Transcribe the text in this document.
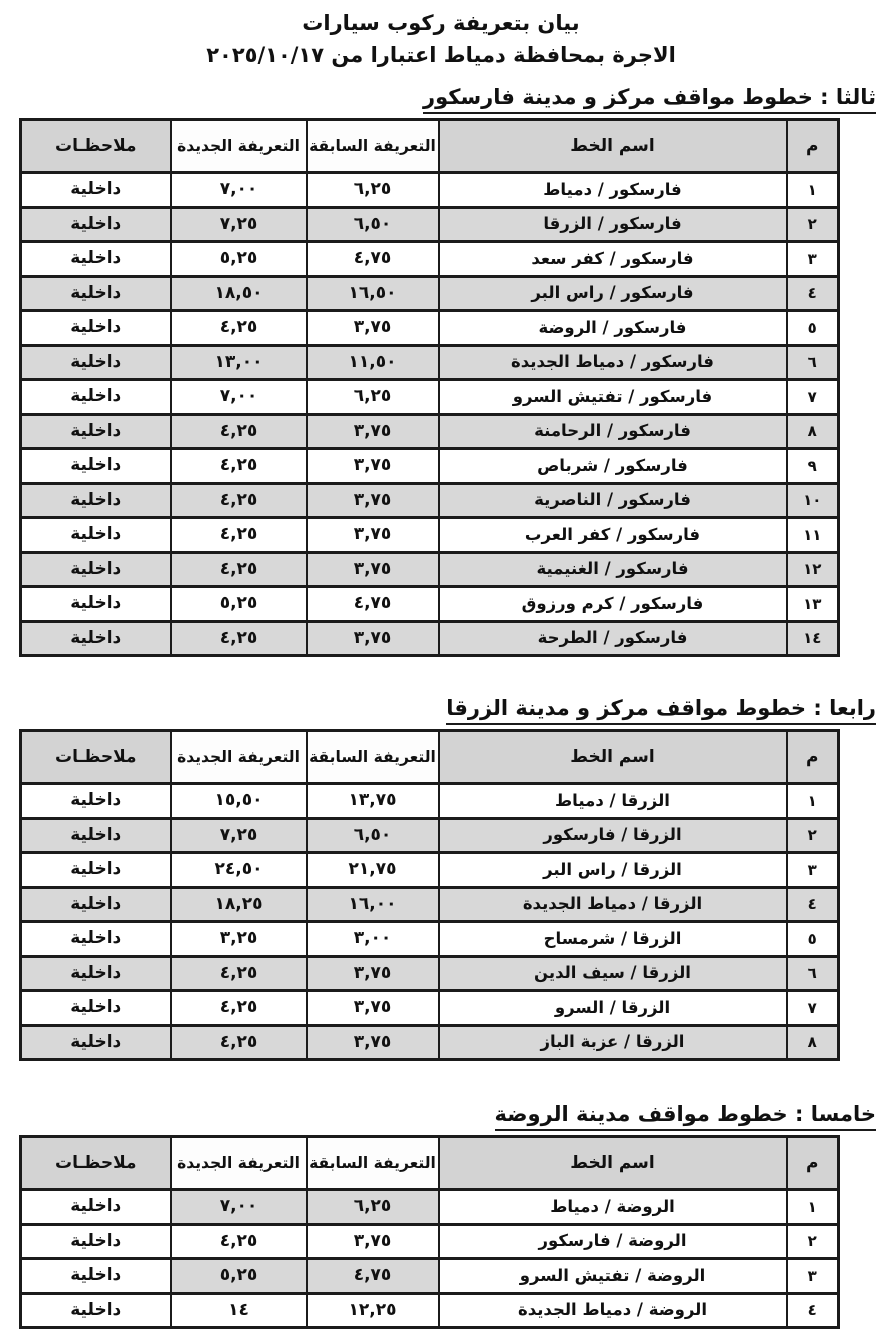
بيان بتعريفة ركوب سيارات
الاجرة بمحافظة دمياط اعتبارا من ٢٠٢٥/١٠/١٧
ثالثا : خطوط مواقف مركز و مدينة فارسكور
م	اسم الخط	التعريفة السابقة	التعريفة الجديدة	ملاحظـات
١	فارسكور / دمياط	٦,٢٥	٧,٠٠	داخلية
٢	فارسكور / الزرقا	٦,٥٠	٧,٢٥	داخلية
٣	فارسكور / كفر سعد	٤,٧٥	٥,٢٥	داخلية
٤	فارسكور / راس البر	١٦,٥٠	١٨,٥٠	داخلية
٥	فارسكور / الروضة	٣,٧٥	٤,٢٥	داخلية
٦	فارسكور / دمياط الجديدة	١١,٥٠	١٣,٠٠	داخلية
٧	فارسكور / تفتيش السرو	٦,٢٥	٧,٠٠	داخلية
٨	فارسكور / الرحامنة	٣,٧٥	٤,٢٥	داخلية
٩	فارسكور / شرباص	٣,٧٥	٤,٢٥	داخلية
١٠	فارسكور / الناصرية	٣,٧٥	٤,٢٥	داخلية
١١	فارسكور / كفر العرب	٣,٧٥	٤,٢٥	داخلية
١٢	فارسكور / الغنيمية	٣,٧٥	٤,٢٥	داخلية
١٣	فارسكور / كرم ورزوق	٤,٧٥	٥,٢٥	داخلية
١٤	فارسكور / الطرحة	٣,٧٥	٤,٢٥	داخلية
رابعا : خطوط مواقف مركز و مدينة الزرقا
م	اسم الخط	التعريفة السابقة	التعريفة الجديدة	ملاحظـات
١	الزرقا / دمياط	١٣,٧٥	١٥,٥٠	داخلية
٢	الزرقا / فارسكور	٦,٥٠	٧,٢٥	داخلية
٣	الزرقا / راس البر	٢١,٧٥	٢٤,٥٠	داخلية
٤	الزرقا / دمياط الجديدة	١٦,٠٠	١٨,٢٥	داخلية
٥	الزرقا / شرمساح	٣,٠٠	٣,٢٥	داخلية
٦	الزرقا / سيف الدين	٣,٧٥	٤,٢٥	داخلية
٧	الزرقا / السرو	٣,٧٥	٤,٢٥	داخلية
٨	الزرقا / عزبة الباز	٣,٧٥	٤,٢٥	داخلية
خامسا : خطوط مواقف مدينة الروضة
م	اسم الخط	التعريفة السابقة	التعريفة الجديدة	ملاحظـات
١	الروضة / دمياط	٦,٢٥	٧,٠٠	داخلية
٢	الروضة / فارسكور	٣,٧٥	٤,٢٥	داخلية
٣	الروضة / تفتيش السرو	٤,٧٥	٥,٢٥	داخلية
٤	الروضة / دمياط الجديدة	١٢,٢٥	١٤	داخلية
